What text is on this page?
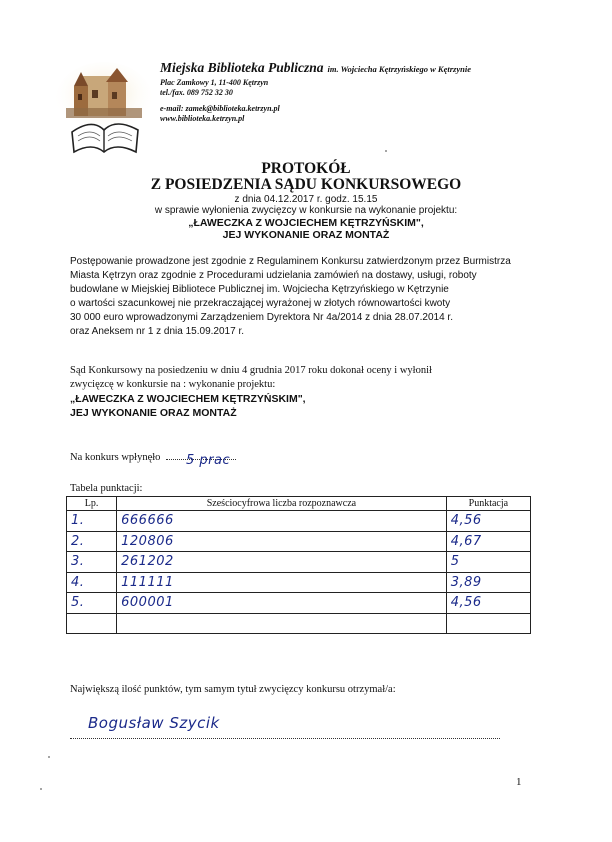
Miejska Biblioteka Publiczna im. Wojciecha Kętrzyńskiego w Kętrzynie
Plac Zamkowy 1, 11-400 Kętrzyn
tel./fax. 089 752 32 30
e-mail: zamek@biblioteka.ketrzyn.pl
www.biblioteka.ketrzyn.pl
PROTOKÓŁ
Z POSIEDZENIA SĄDU KONKURSOWEGO
z dnia 04.12.2017 r. godz. 15.15
w sprawie wyłonienia zwycięzcy w konkursie na wykonanie projektu:
„ŁAWECZKA Z WOJCIECHEM KĘTRZYŃSKIM",
JEJ WYKONANIE ORAZ MONTAŻ

Postępowanie prowadzone jest zgodnie z Regulaminem Konkursu zatwierdzonym przez Burmistrza

Miasta Kętrzyn oraz zgodnie z Procedurami udzielania zamówień na dostawy, usługi, roboty

budowlane w Miejskiej Bibliotece Publicznej im. Wojciecha Kętrzyńskiego w Kętrzynie

o wartości szacunkowej nie przekraczającej wyrażonej w złotych równowartości kwoty

30 000 euro wprowadzonymi Zarządzeniem Dyrektora Nr 4a/2014 z dnia 28.07.2014 r.

oraz Aneksem nr 1 z dnia 15.09.2017 r.

Sąd Konkursowy na posiedzeniu w dniu 4 grudnia 2017 roku dokonał oceny i wyłonił
zwycięzcę w konkursie na : wykonanie projektu:
„ŁAWECZKA Z WOJCIECHEM KĘTRZYŃSKIM",
JEJ WYKONANIE ORAZ MONTAŻ
Na konkurs wpłynęło 5 prac
Tabela punktacji:
Lp.	Sześciocyfrowa liczba rozpoznawcza	Punktacja
1.	666666	4,56
2.	120806	4,67
3.	261202	5
4.	111111	3,89
5.	600001	4,56

Największą ilość punktów, tym samym tytuł zwycięzcy konkursu otrzymał/a:
Bogusław Szycik
1
